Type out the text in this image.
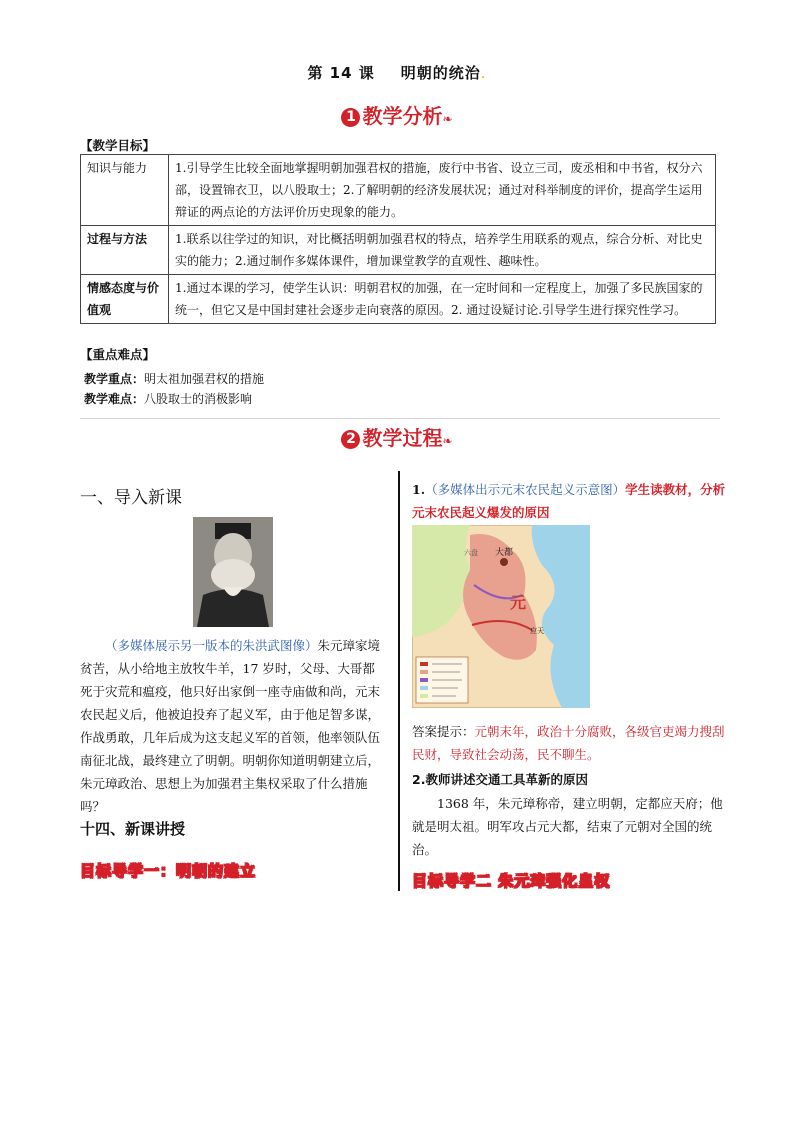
第 14 课 明朝的统治.
1 教学分析❧
【教学目标】
知识与能力	1.引导学生比较全面地掌握明朝加强君权的措施，废行中书省、设立三司，废丞相和中书省，权分六部，设置锦衣卫，以八股取士；2.了解明朝的经济发展状况；通过对科举制度的评价，提高学生运用辩证的两点论的方法评价历史现象的能力。
过程与方法	1.联系以往学过的知识，对比概括明朝加强君权的特点，培养学生用联系的观点，综合分析、对比史实的能力；2.通过制作多媒体课件，增加课堂教学的直观性、趣味性。
情感态度与价值观	1.通过本课的学习，使学生认识：明朝君权的加强，在一定时间和一定程度上，加强了多民族国家的统一，但它又是中国封建社会逐步走向衰落的原因。2. 通过设疑讨论.引导学生进行探究性学习。
【重点难点】
教学重点：明太祖加强君权的措施
教学难点：八股取士的消极影响
2 教学过程❧
一、导入新课
（多媒体展示另一版本的朱洪武图像）朱元璋家境贫苦，从小给地主放牧牛羊，17 岁时，父母、大哥都死于灾荒和瘟疫，他只好出家倒一座寺庙做和尚，元末农民起义后，他被迫投弃了起义军，由于他足智多谋，作战勇敢，几年后成为这支起义军的首领，他率领队伍南征北战，最终建立了明朝。明朝你知道明朝建立后，朱元璋政治、思想上为加强君主集权采取了什么措施吗？
十四、新课讲授
目标导学一：明朝的建立
1.（多媒体出示元末农民起义示意图）学生读教材，分析元末农民起义爆发的原因
大都
元
应天
六盘
答案提示：元朝末年，政治十分腐败，各级官吏竭力搜刮民财，导致社会动荡，民不聊生。
2.教师讲述交通工具革新的原因
1368 年，朱元璋称帝，建立明朝，定都应天府；他就是明太祖。明军攻占元大都，结束了元朝对全国的统治。
目标导学二 朱元璋强化皇权
